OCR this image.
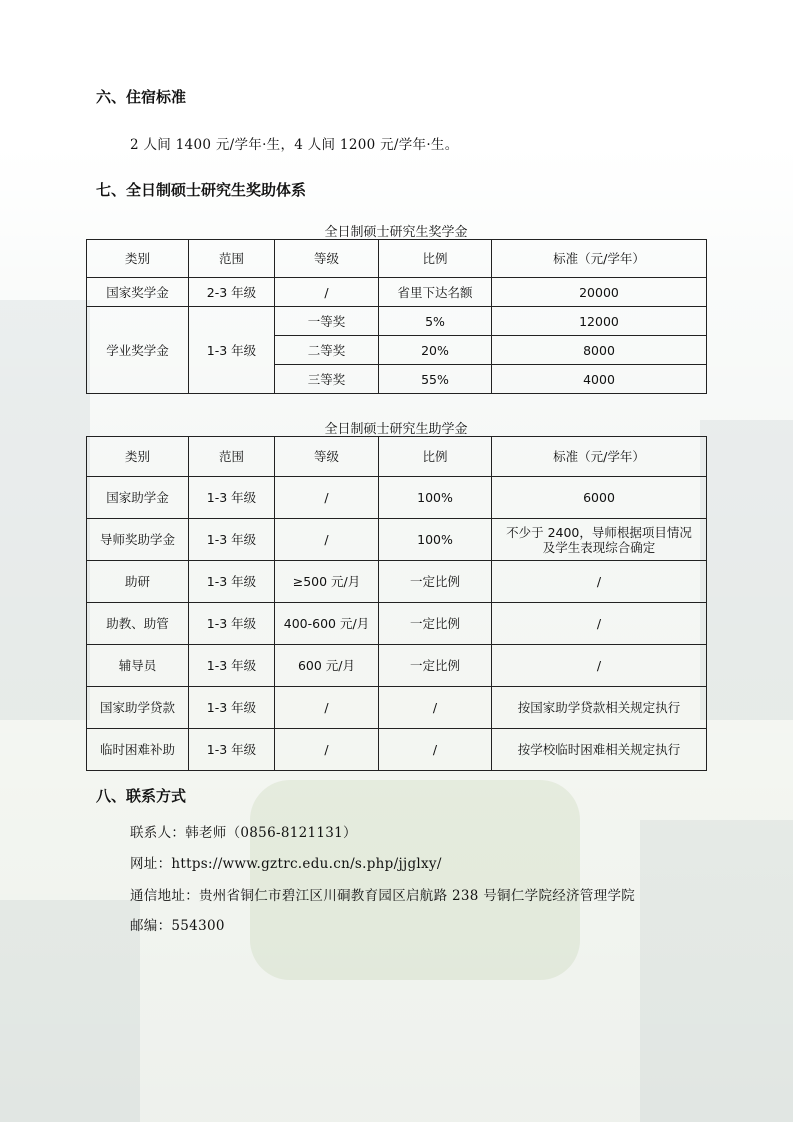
六、住宿标准

2 人间 1400 元/学年·生，4 人间 1200 元/学年·生。

七、全日制硕士研究生奖助体系

全日制硕士研究生奖学金

类别	范围	等级	比例	标准（元/学年）
国家奖学金	2-3 年级	/	省里下达名额	20000
学业奖学金	1-3 年级	一等奖	5%	12000
		二等奖	20%	8000
		三等奖	55%	4000

全日制硕士研究生助学金

类别	范围	等级	比例	标准（元/学年）
国家助学金	1-3 年级	/	100%	6000
导师奖助学金	1-3 年级	/	100%	不少于 2400，导师根据项目情况及学生表现综合确定
助研	1-3 年级	≥500 元/月	一定比例	/
助教、助管	1-3 年级	400-600 元/月	一定比例	/
辅导员	1-3 年级	600 元/月	一定比例	/
国家助学贷款	1-3 年级	/	/	按国家助学贷款相关规定执行
临时困难补助	1-3 年级	/	/	按学校临时困难相关规定执行
八、联系方式

联系人：韩老师（0856-8121131）

网址：https://www.gztrc.edu.cn/s.php/jjglxy/

通信地址：贵州省铜仁市碧江区川硐教育园区启航路 238 号铜仁学院经济管理学院

邮编：554300
